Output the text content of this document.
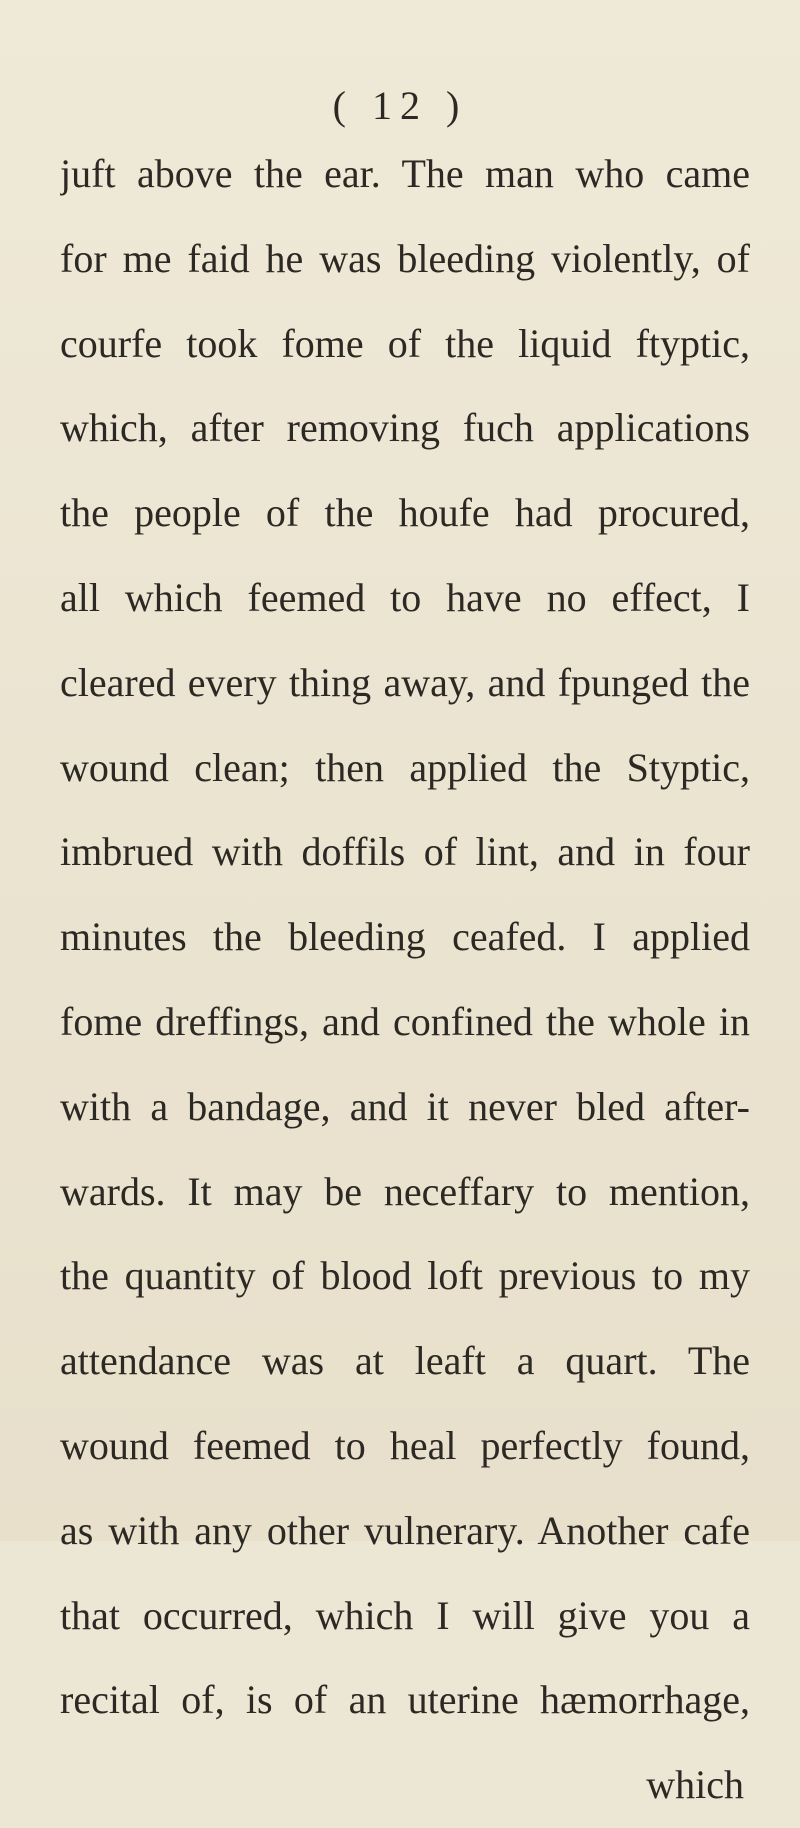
( 12 )
juft above the ear. The man who came
for me faid he was bleeding violently, of
courfe took fome of the liquid ftyptic,
which, after removing fuch applications
the people of the houfe had procured,
all which feemed to have no effect, I
cleared every thing away, and fpunged the
wound clean; then applied the Styptic,
imbrued with doffils of lint, and in four
minutes the bleeding ceafed. I applied
fome dreffings, and confined the whole in
with a bandage, and it never bled after-
wards. It may be neceffary to mention,
the quantity of blood loft previous to my
attendance was at leaft a quart. The
wound feemed to heal perfectly found,
as with any other vulnerary. Another cafe
that occurred, which I will give you a
recital of, is of an uterine hæmorrhage,
which
